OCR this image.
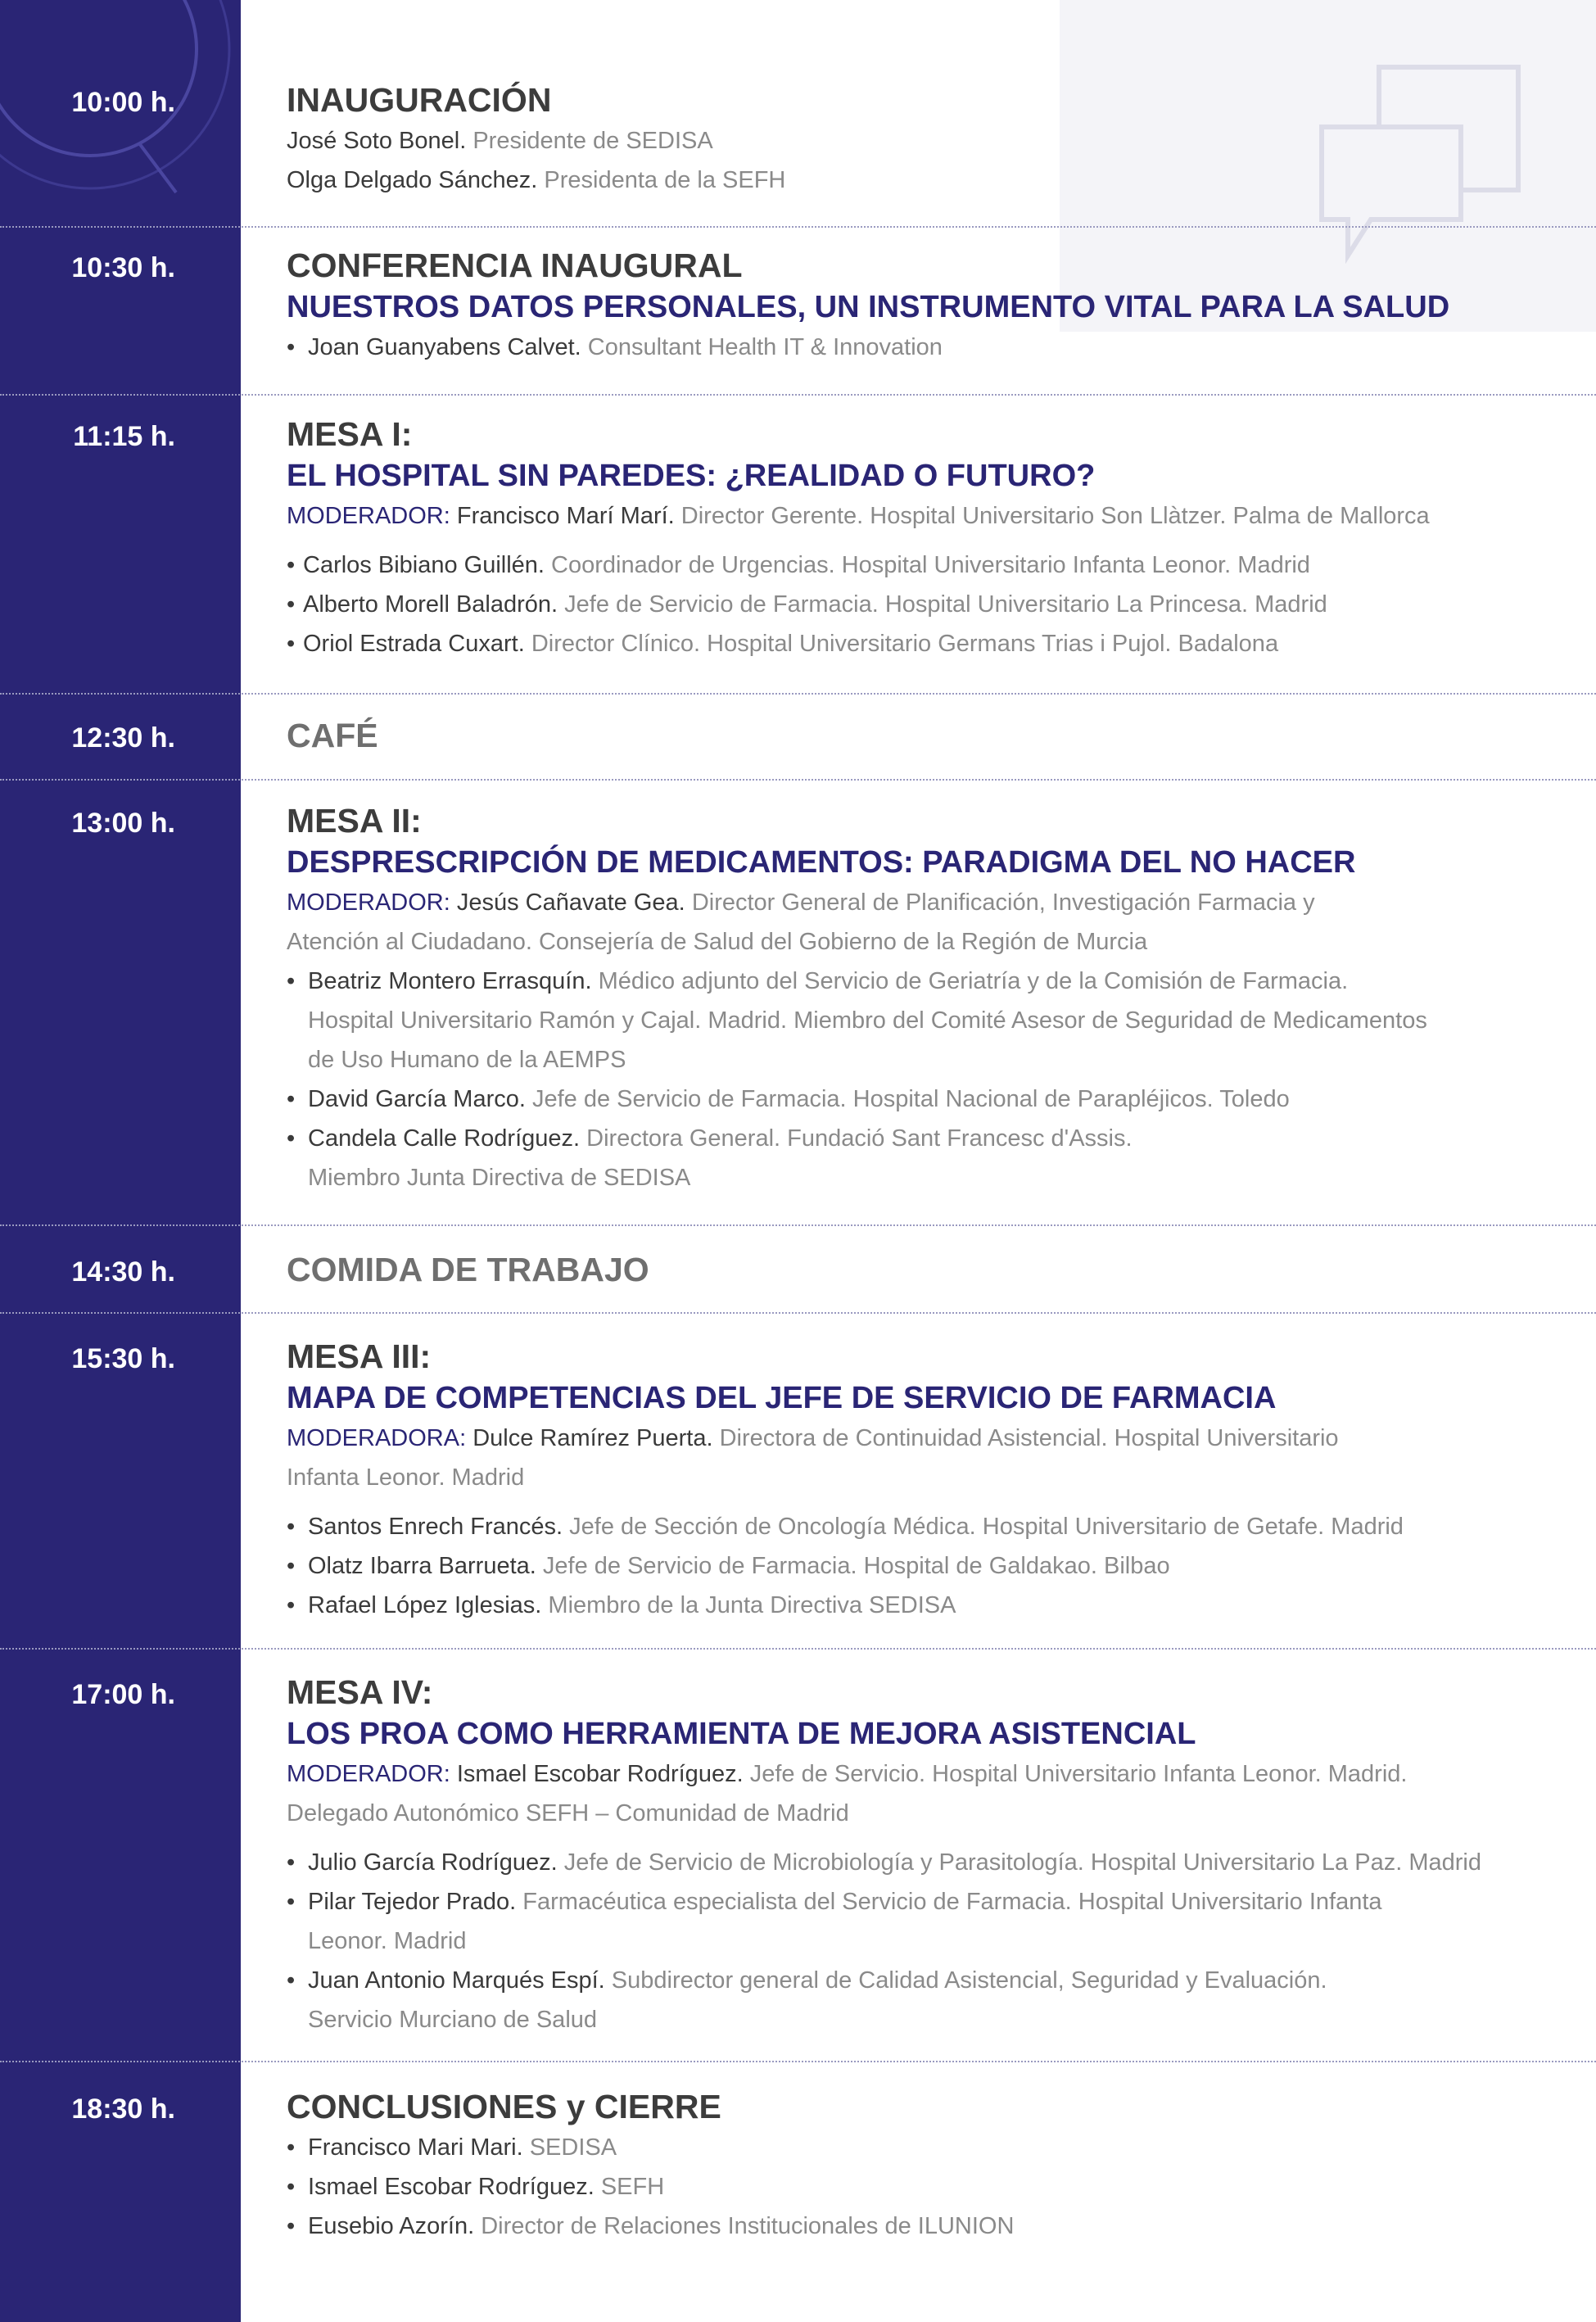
10:00 h.	INAUGURACIÓN
José Soto Bonel. Presidente de SEDISA
Olga Delgado Sánchez. Presidenta de la SEFH
10:30 h.	CONFERENCIA INAUGURAL
NUESTROS DATOS PERSONALES, UN INSTRUMENTO VITAL PARA LA SALUD
• Joan Guanyabens Calvet. Consultant Health IT & Innovation
11:15 h.	MESA I:
EL HOSPITAL SIN PAREDES: ¿REALIDAD O FUTURO?
MODERADOR: Francisco Marí Marí. Director Gerente. Hospital Universitario Son Llàtzer. Palma de Mallorca
• Carlos Bibiano Guillén. Coordinador de Urgencias. Hospital Universitario Infanta Leonor. Madrid
• Alberto Morell Baladrón. Jefe de Servicio de Farmacia. Hospital Universitario La Princesa. Madrid
• Oriol Estrada Cuxart. Director Clínico. Hospital Universitario Germans Trias i Pujol. Badalona
12:30 h.	CAFÉ
13:00 h.	MESA II:
DESPRESCRIPCIÓN DE MEDICAMENTOS: PARADIGMA DEL NO HACER
MODERADOR: Jesús Cañavate Gea. Director General de Planificación, Investigación Farmacia y
Atención al Ciudadano. Consejería de Salud del Gobierno de la Región de Murcia
• Beatriz Montero Errasquín. Médico adjunto del Servicio de Geriatría y de la Comisión de Farmacia.
Hospital Universitario Ramón y Cajal. Madrid. Miembro del Comité Asesor de Seguridad de Medicamentos
de Uso Humano de la AEMPS
• David García Marco. Jefe de Servicio de Farmacia. Hospital Nacional de Parapléjicos. Toledo
• Candela Calle Rodríguez. Directora General. Fundació Sant Francesc d'Assis.
Miembro Junta Directiva de SEDISA
14:30 h.	COMIDA DE TRABAJO
15:30 h.	MESA III:
MAPA DE COMPETENCIAS DEL JEFE DE SERVICIO DE FARMACIA
MODERADORA: Dulce Ramírez Puerta. Directora de Continuidad Asistencial. Hospital Universitario
Infanta Leonor. Madrid
• Santos Enrech Francés. Jefe de Sección de Oncología Médica. Hospital Universitario de Getafe. Madrid
• Olatz Ibarra Barrueta. Jefe de Servicio de Farmacia. Hospital de Galdakao. Bilbao
• Rafael López Iglesias. Miembro de la Junta Directiva SEDISA
17:00 h.	MESA IV:
LOS PROA COMO HERRAMIENTA DE MEJORA ASISTENCIAL
MODERADOR: Ismael Escobar Rodríguez. Jefe de Servicio. Hospital Universitario Infanta Leonor. Madrid.
Delegado Autonómico SEFH – Comunidad de Madrid
• Julio García Rodríguez. Jefe de Servicio de Microbiología y Parasitología. Hospital Universitario La Paz. Madrid
• Pilar Tejedor Prado. Farmacéutica especialista del Servicio de Farmacia. Hospital Universitario Infanta
Leonor. Madrid
• Juan Antonio Marqués Espí. Subdirector general de Calidad Asistencial, Seguridad y Evaluación.
Servicio Murciano de Salud
18:30 h.	CONCLUSIONES y CIERRE
• Francisco Mari Mari. SEDISA
• Ismael Escobar Rodríguez. SEFH
• Eusebio Azorín. Director de Relaciones Institucionales de ILUNION
